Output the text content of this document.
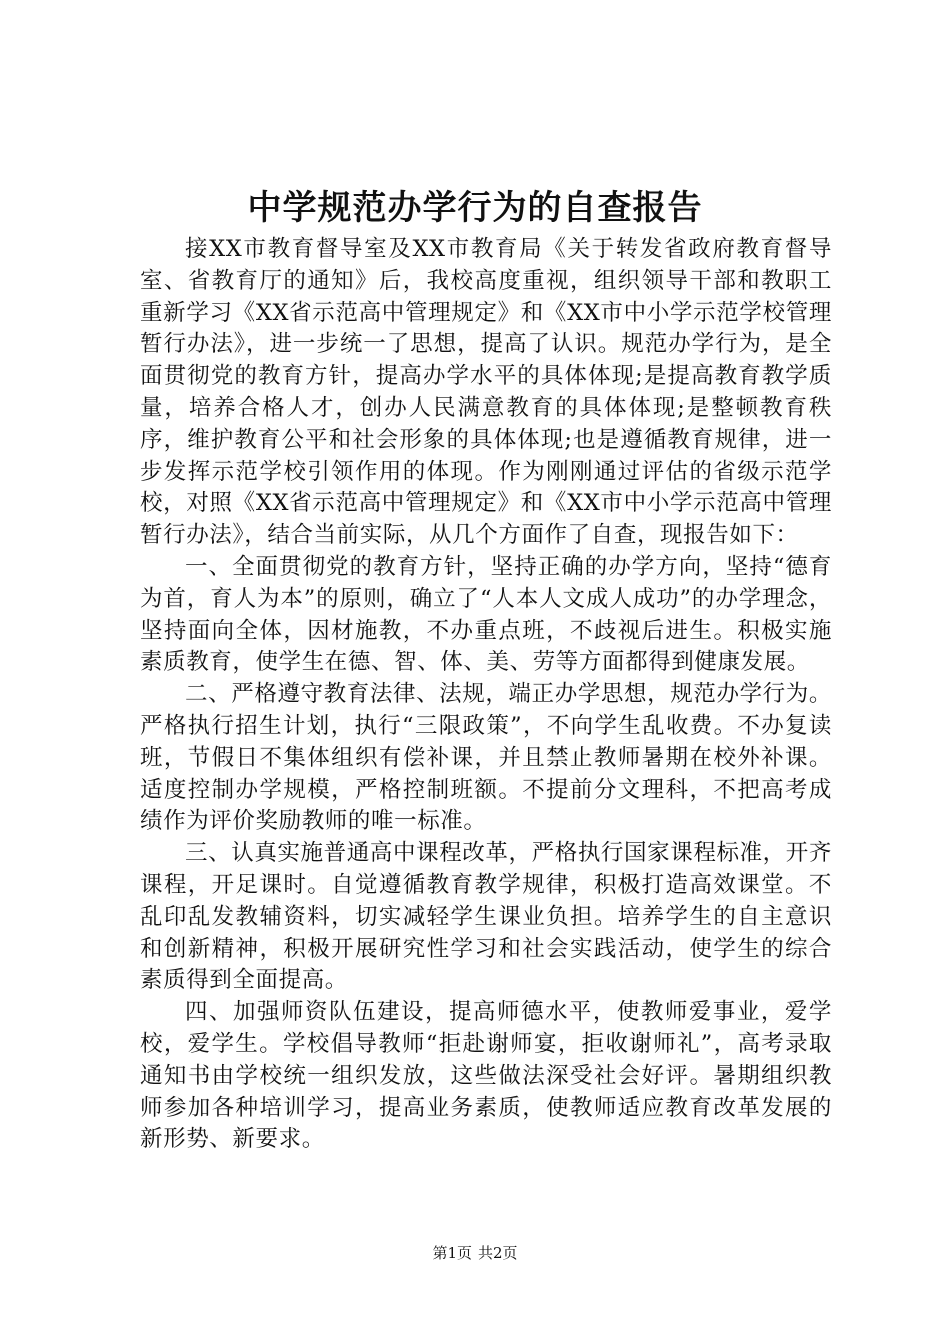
中学规范办学行为的自查报告

接XX市教育督导室及XX市教育局《关于转发省政府教育督导室、省教育厅的通知》后，我校高度重视，组织领导干部和教职工重新学习《XX省示范高中管理规定》和《XX市中小学示范学校管理暂行办法》，进一步统一了思想，提高了认识。规范办学行为，是全面贯彻党的教育方针，提高办学水平的具体体现;是提高教育教学质量，培养合格人才，创办人民满意教育的具体体现;是整顿教育秩序，维护教育公平和社会形象的具体体现;也是遵循教育规律，进一步发挥示范学校引领作用的体现。作为刚刚通过评估的省级示范学校，对照《XX省示范高中管理规定》和《XX市中小学示范高中管理暂行办法》，结合当前实际，从几个方面作了自查，现报告如下：

一、全面贯彻党的教育方针，坚持正确的办学方向，坚持“德育为首，育人为本”的原则，确立了“人本人文成人成功”的办学理念，坚持面向全体，因材施教，不办重点班，不歧视后进生。积极实施素质教育，使学生在德、智、体、美、劳等方面都得到健康发展。

二、严格遵守教育法律、法规，端正办学思想，规范办学行为。严格执行招生计划，执行“三限政策”，不向学生乱收费。不办复读班，节假日不集体组织有偿补课，并且禁止教师暑期在校外补课。适度控制办学规模，严格控制班额。不提前分文理科，不把高考成绩作为评价奖励教师的唯一标准。

三、认真实施普通高中课程改革，严格执行国家课程标准，开齐课程，开足课时。自觉遵循教育教学规律，积极打造高效课堂。不乱印乱发教辅资料，切实减轻学生课业负担。培养学生的自主意识和创新精神，积极开展研究性学习和社会实践活动，使学生的综合素质得到全面提高。

四、加强师资队伍建设，提高师德水平，使教师爱事业，爱学校，爱学生。学校倡导教师“拒赴谢师宴，拒收谢师礼”，高考录取通知书由学校统一组织发放，这些做法深受社会好评。暑期组织教师参加各种培训学习，提高业务素质，使教师适应教育改革发展的新形势、新要求。

第1页 共2页
